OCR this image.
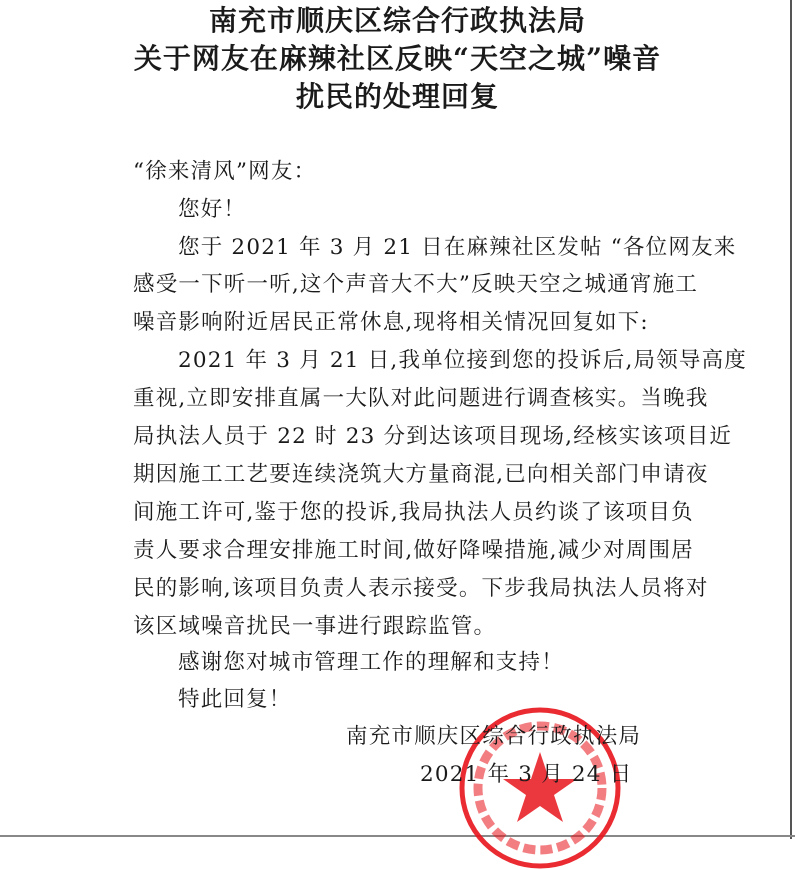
南充市顺庆区综合行政执法局
关于网友在麻辣社区反映“天空之城”噪音
扰民的处理回复
“徐来清风”网友：
您好！
您于 2021 年 3 月 21 日在麻辣社区发帖 “各位网友来
感受一下听一听,这个声音大不大”反映天空之城通宵施工
噪音影响附近居民正常休息,现将相关情况回复如下:
2021 年 3 月 21 日,我单位接到您的投诉后,局领导高度
重视,立即安排直属一大队对此问题进行调查核实。当晚我
局执法人员于 22 时 23 分到达该项目现场,经核实该项目近
期因施工工艺要连续浇筑大方量商混,已向相关部门申请夜
间施工许可,鉴于您的投诉,我局执法人员约谈了该项目负
责人要求合理安排施工时间,做好降噪措施,减少对周围居
民的影响,该项目负责人表示接受。下步我局执法人员将对
该区域噪音扰民一事进行跟踪监管。
感谢您对城市管理工作的理解和支持！
特此回复！
南充市顺庆区综合行政执法局
2021 年 3 月 24 日
